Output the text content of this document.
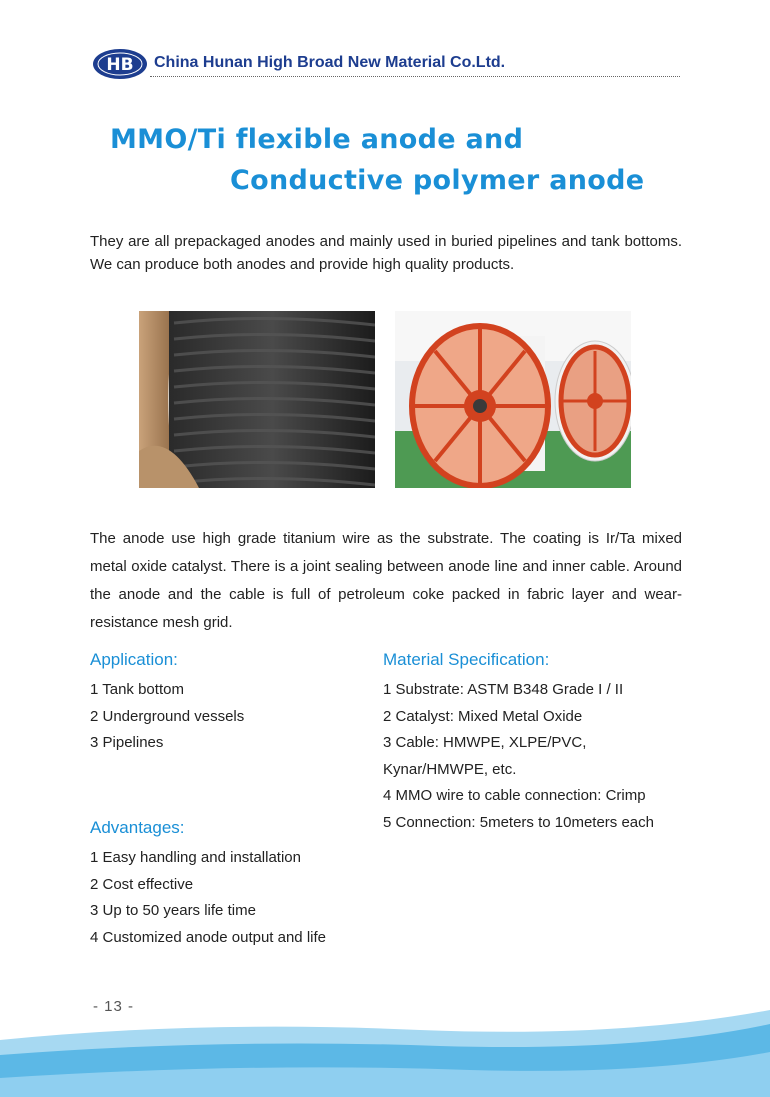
HB China Hunan High Broad New Material Co.Ltd.
MMO/Ti flexible anode and
Conductive polymer anode

They are all prepackaged anodes and mainly used in buried pipelines and tank bottoms. We can produce both anodes and provide high quality products.

The anode use high grade titanium wire as the substrate. The coating is Ir/Ta mixed metal oxide catalyst. There is a joint sealing between anode line and inner cable. Around the anode and the cable is full of petroleum coke packed in fabric layer and wear-resistance mesh grid.

Application:
1 Tank bottom
2 Underground vessels
3 Pipelines
Material Specification:
1 Substrate: ASTM B348 Grade I / II
2 Catalyst: Mixed Metal Oxide
3 Cable: HMWPE, XLPE/PVC,
Kynar/HMWPE, etc.
4 MMO wire to cable connection: Crimp
5 Connection: 5meters to 10meters each
Advantages:
1 Easy handling and installation
2 Cost effective
3 Up to 50 years life time
4 Customized anode output and life
- 13 -
